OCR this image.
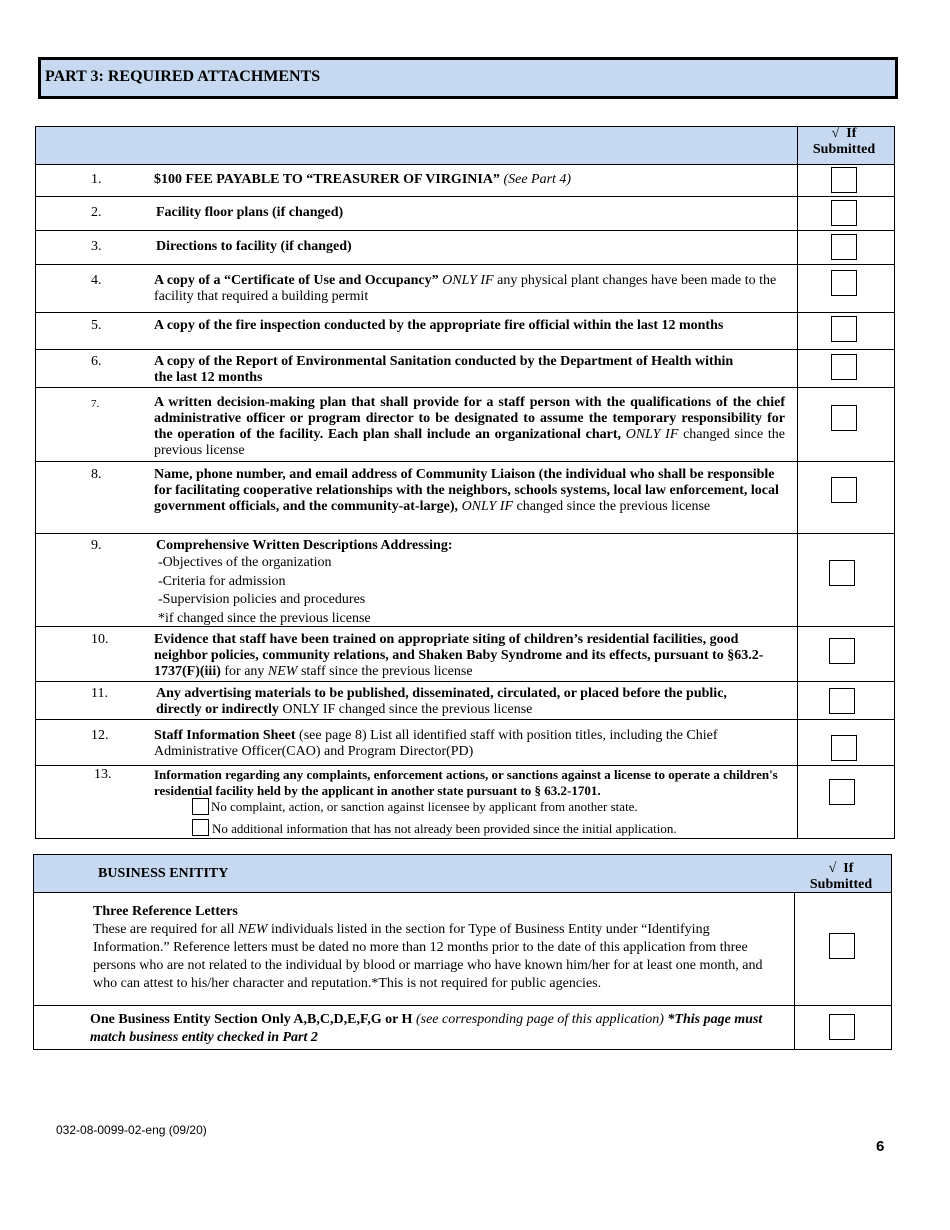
PART 3: REQUIRED ATTACHMENTS
√ If
Submitted
1.	$100 FEE PAYABLE TO “TREASURER OF VIRGINIA” (See Part 4)
2.	Facility floor plans (if changed)
3.	Directions to facility (if changed)
4.	A copy of a “Certificate of Use and Occupancy” ONLY IF any physical plant changes have been made to the facility that required a building permit
5.	A copy of the fire inspection conducted by the appropriate fire official within the last 12 months
6.	A copy of the Report of Environmental Sanitation conducted by the Department of Health within the last 12 months
7.	A written decision-making plan that shall provide for a staff person with the qualifications of the chief administrative officer or program director to be designated to assume the temporary responsibility for the operation of the facility. Each plan shall include an organizational chart, ONLY IF changed since the previous license
8.	Name, phone number, and email address of Community Liaison (the individual who shall be responsible for facilitating cooperative relationships with the neighbors, schools systems, local law enforcement, local government officials, and the community-at-large), ONLY IF changed since the previous license
9.	Comprehensive Written Descriptions Addressing:
-Objectives of the organization
-Criteria for admission
-Supervision policies and procedures
*if changed since the previous license
10.	Evidence that staff have been trained on appropriate siting of children’s residential facilities, good neighbor policies, community relations, and Shaken Baby Syndrome and its effects, pursuant to §63.2-1737(F)(iii) for any NEW staff since the previous license
11.	Any advertising materials to be published, disseminated, circulated, or placed before the public, directly or indirectly ONLY IF changed since the previous license
12.	Staff Information Sheet (see page 8) List all identified staff with position titles, including the Chief Administrative Officer(CAO) and Program Director(PD)
13.	Information regarding any complaints, enforcement actions, or sanctions against a license to operate a children's residential facility held by the applicant in another state pursuant to § 63.2-1701.
No complaint, action, or sanction against licensee by applicant from another state.
No additional information that has not already been provided since the initial application.
BUSINESS ENITITY	√ If
Submitted
Three Reference Letters
These are required for all NEW individuals listed in the section for Type of Business Entity under “Identifying Information.” Reference letters must be dated no more than 12 months prior to the date of this application from three persons who are not related to the individual by blood or marriage who have known him/her for at least one month, and who can attest to his/her character and reputation.*This is not required for public agencies.
One Business Entity Section Only A,B,C,D,E,F,G or H (see corresponding page of this application) *This page must match business entity checked in Part 2
032-08-0099-02-eng (09/20)
6
